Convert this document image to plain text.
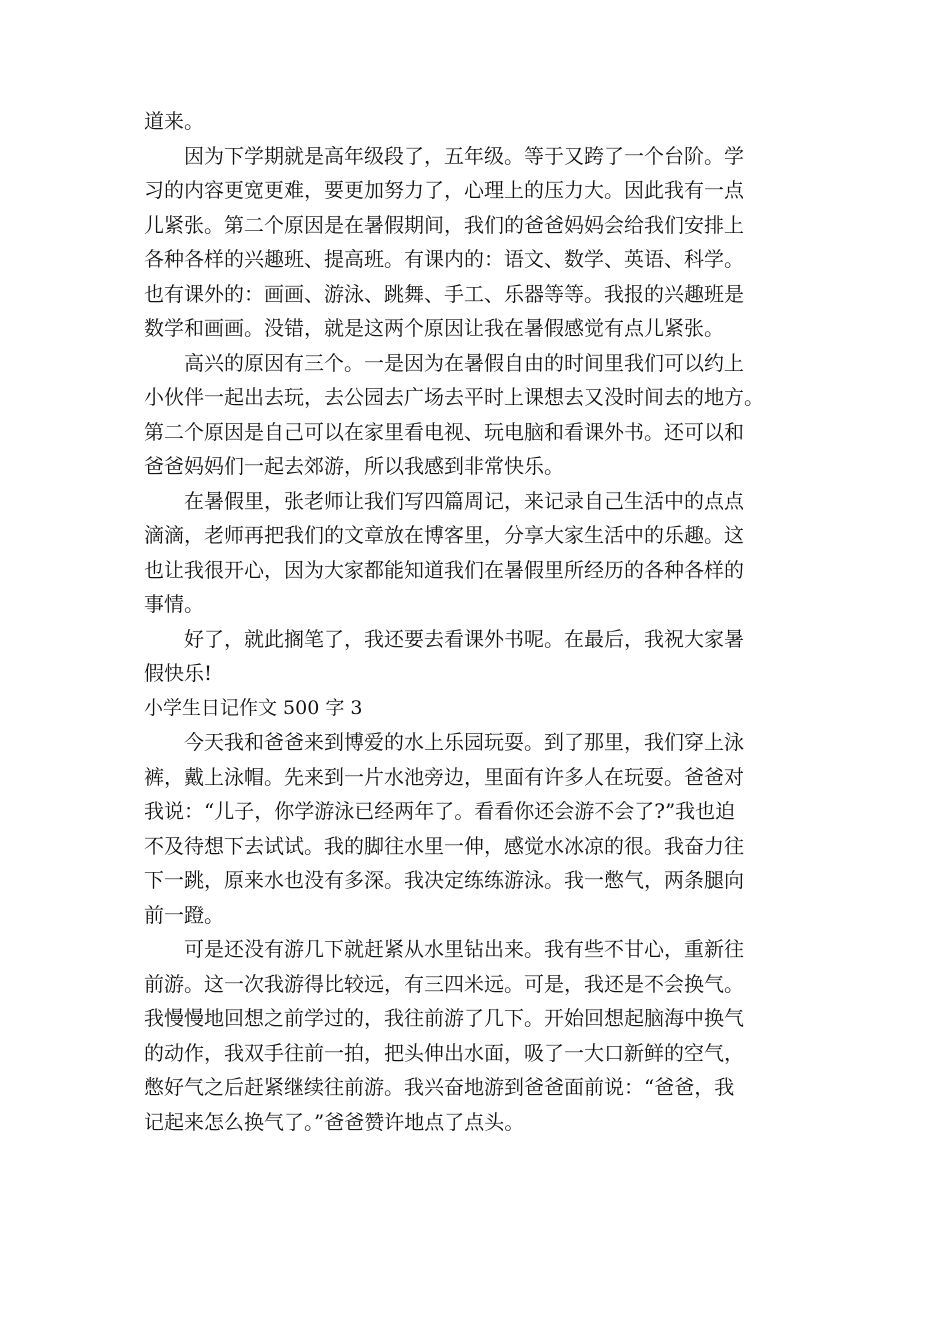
道来。

　　因为下学期就是高年级段了，五年级。等于又跨了一个台阶。学
习的内容更宽更难，要更加努力了，心理上的压力大。因此我有一点
儿紧张。第二个原因是在暑假期间，我们的爸爸妈妈会给我们安排上
各种各样的兴趣班、提高班。有课内的：语文、数学、英语、科学。
也有课外的：画画、游泳、跳舞、手工、乐器等等。我报的兴趣班是
数学和画画。没错，就是这两个原因让我在暑假感觉有点儿紧张。

　　高兴的原因有三个。一是因为在暑假自由的时间里我们可以约上
小伙伴一起出去玩，去公园去广场去平时上课想去又没时间去的地方。
第二个原因是自己可以在家里看电视、玩电脑和看课外书。还可以和
爸爸妈妈们一起去郊游，所以我感到非常快乐。

　　在暑假里，张老师让我们写四篇周记，来记录自己生活中的点点
滴滴，老师再把我们的文章放在博客里，分享大家生活中的乐趣。这
也让我很开心，因为大家都能知道我们在暑假里所经历的各种各样的
事情。

　　好了，就此搁笔了，我还要去看课外书呢。在最后，我祝大家暑
假快乐!

小学生日记作文 500 字 3

　　今天我和爸爸来到博爱的水上乐园玩耍。到了那里，我们穿上泳
裤，戴上泳帽。先来到一片水池旁边，里面有许多人在玩耍。爸爸对
我说：“儿子，你学游泳已经两年了。看看你还会游不会了?”我也迫
不及待想下去试试。我的脚往水里一伸，感觉水冰凉的很。我奋力往
下一跳，原来水也没有多深。我决定练练游泳。我一憋气，两条腿向
前一蹬。

　　可是还没有游几下就赶紧从水里钻出来。我有些不甘心，重新往
前游。这一次我游得比较远，有三四米远。可是，我还是不会换气。
我慢慢地回想之前学过的，我往前游了几下。开始回想起脑海中换气
的动作，我双手往前一拍，把头伸出水面，吸了一大口新鲜的空气，
憋好气之后赶紧继续往前游。我兴奋地游到爸爸面前说：“爸爸，我
记起来怎么换气了。”爸爸赞许地点了点头。
